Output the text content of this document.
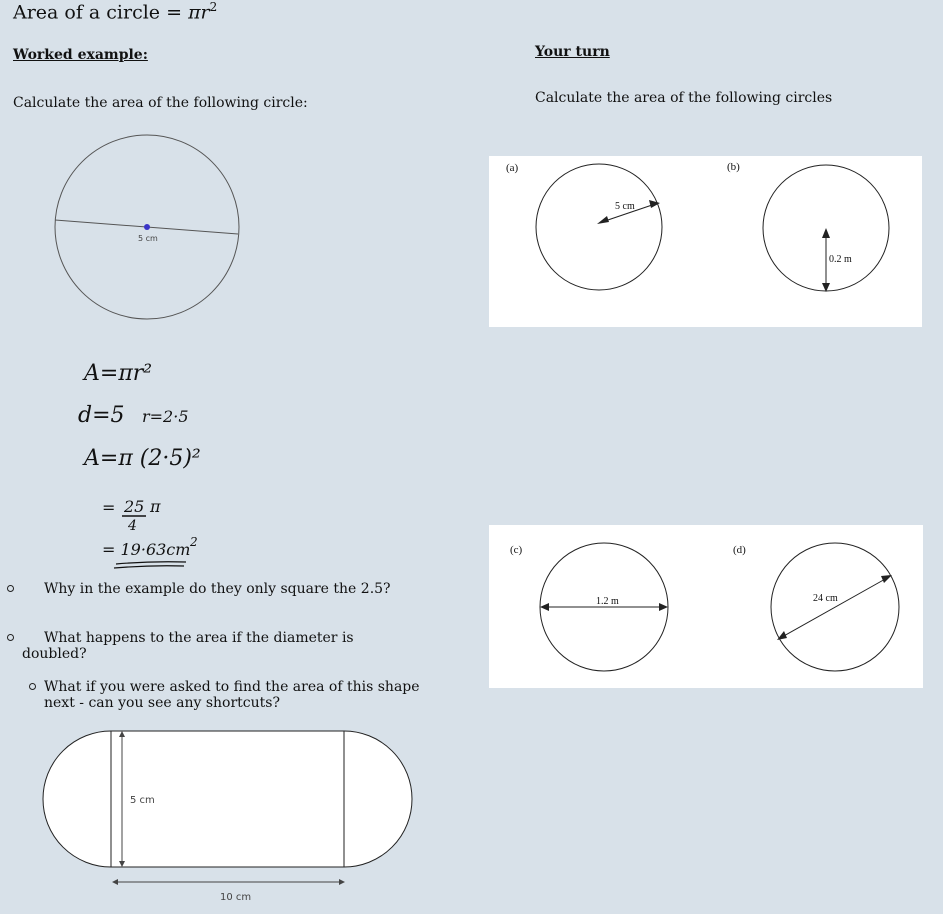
Area of a circle = $\pi r^2$
Worked example:
Calculate the area of the following circle:
5 cm
A=πr²
d=5 r=2·5
A=π (2·5)²
= 25 π
4
= 19·63cm 2
Why in the example do they only square the 2.5?
What happens to the area if the diameter is doubled?
What if you were asked to find the area of this shape next - can you see any shortcuts?
5 cm
10 cm
Your turn
Calculate the area of the following circles
(a)
5 cm
(b)
0.2 m
(c)
1.2 m
(d)
24 cm
